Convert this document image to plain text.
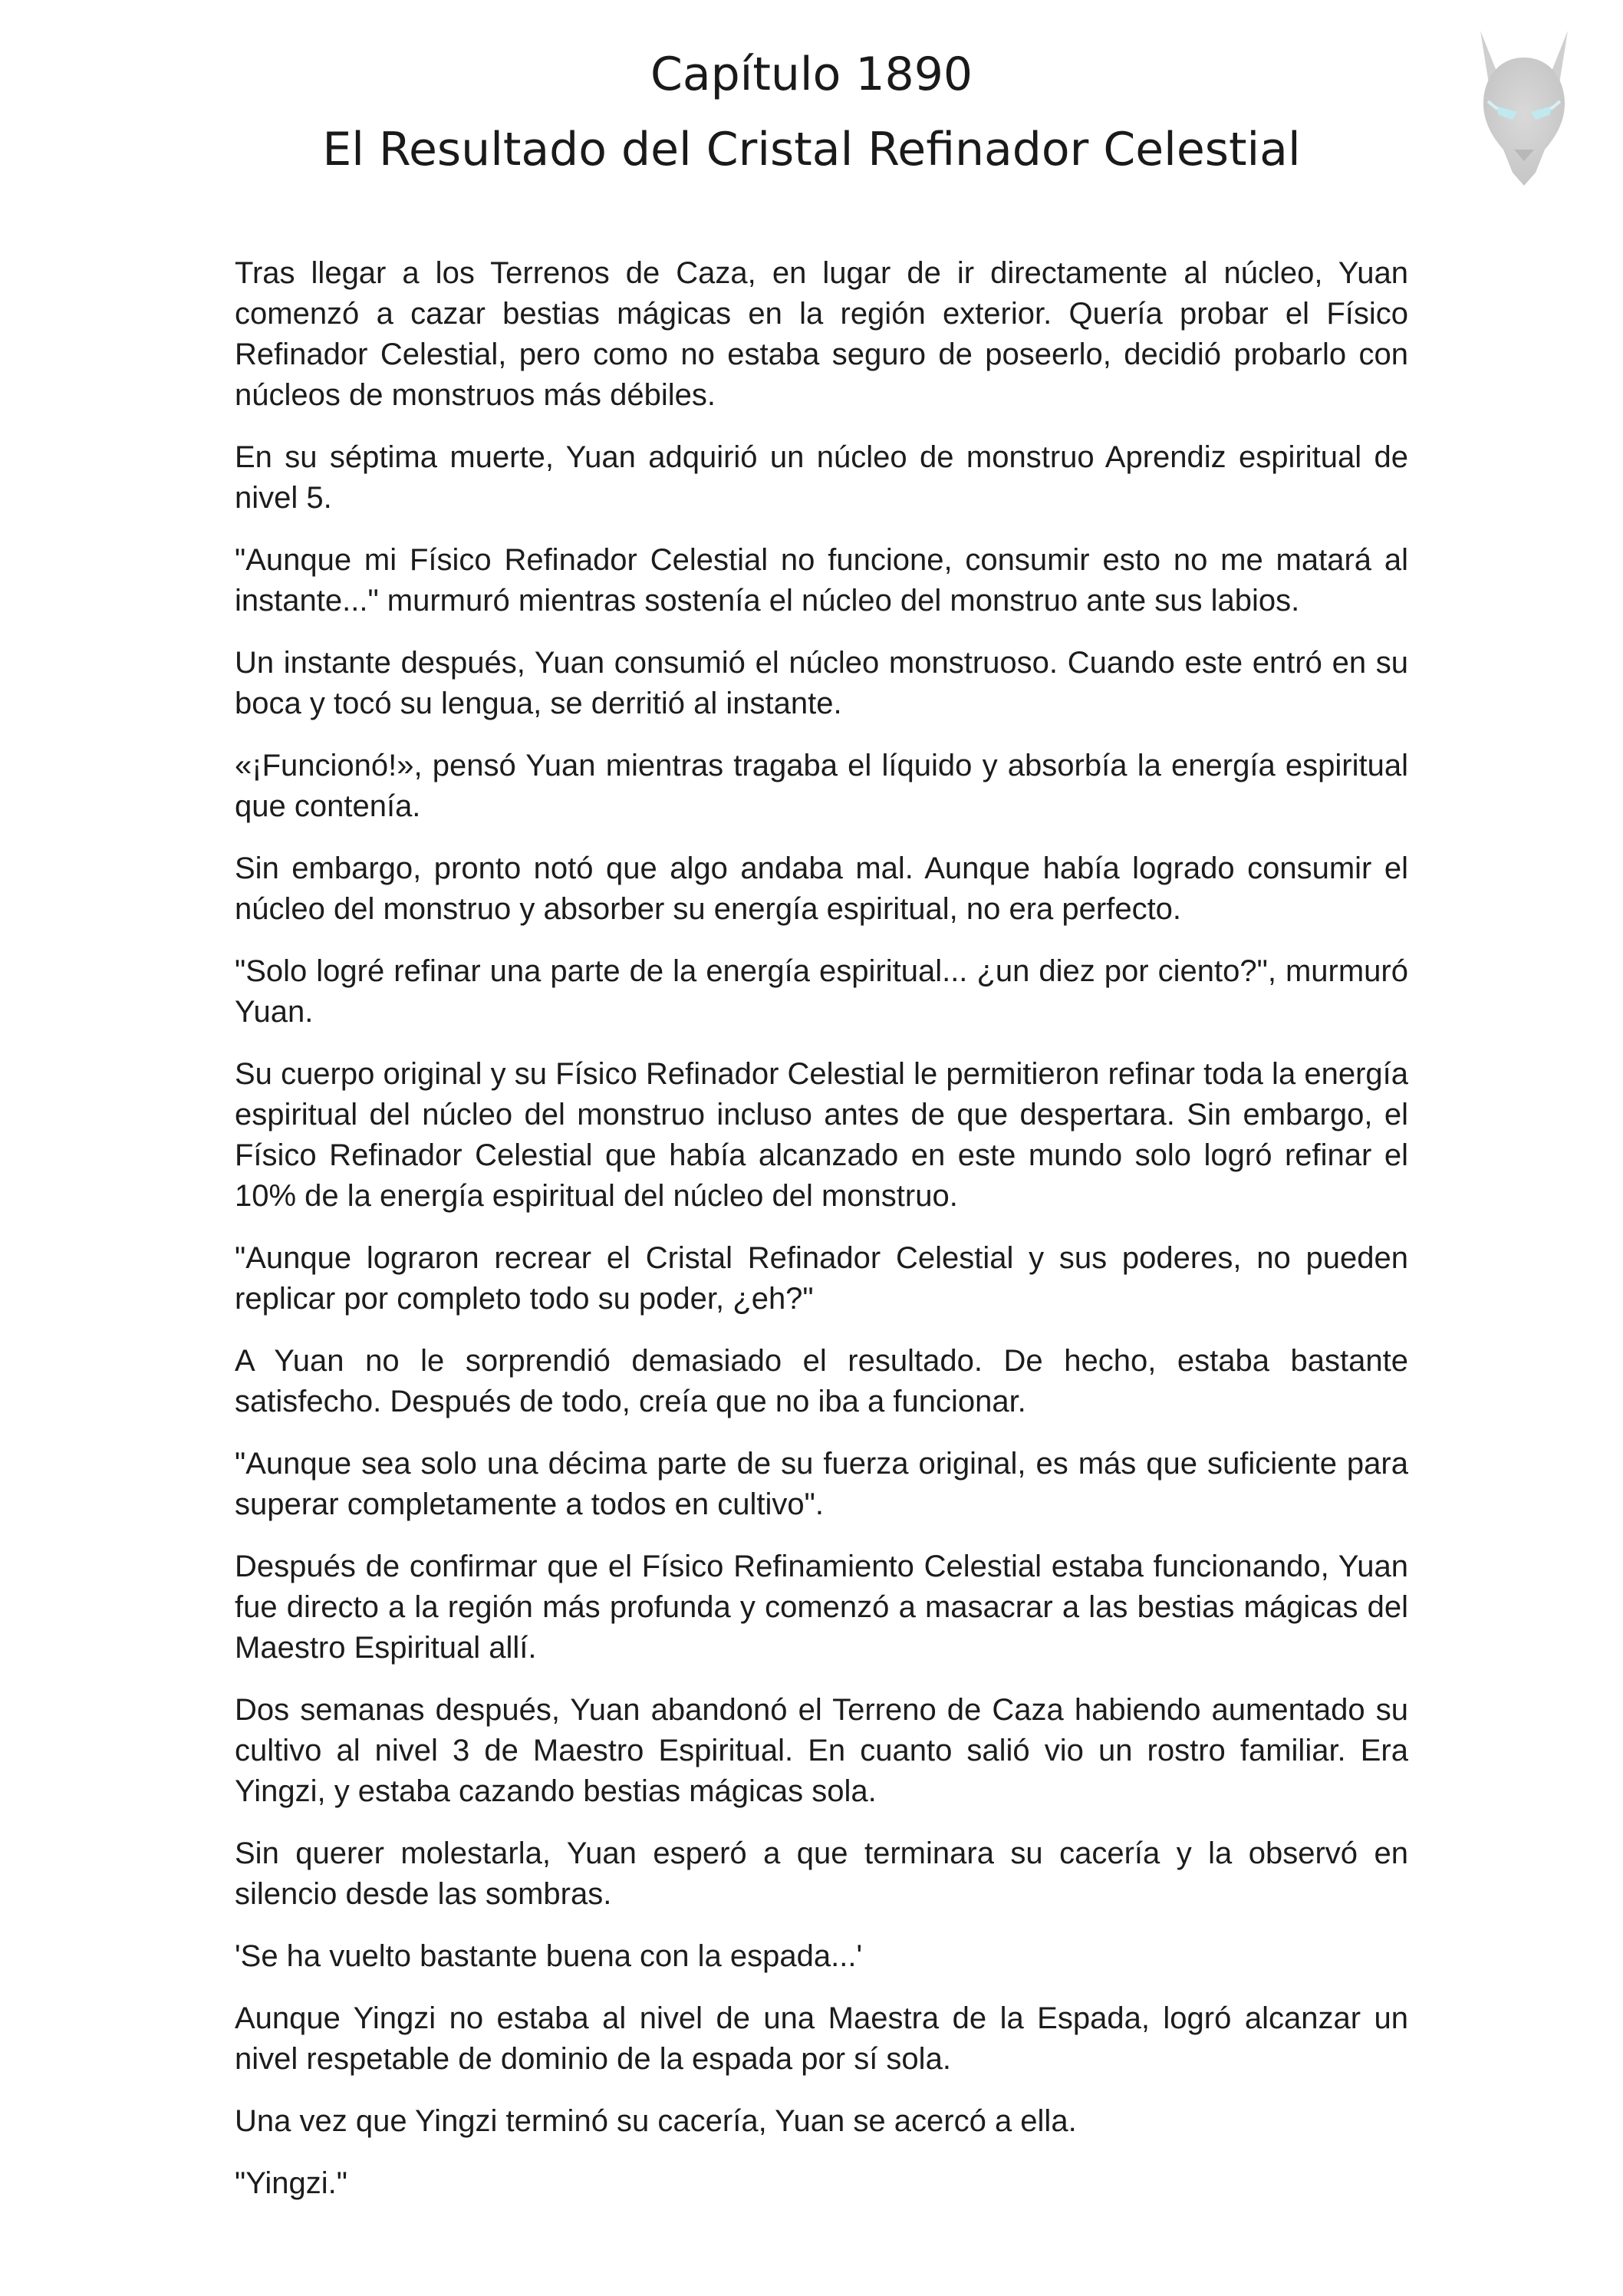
Capítulo 1890
El Resultado del Cristal Refinador Celestial

Tras llegar a los Terrenos de Caza, en lugar de ir directamente al núcleo, Yuan comenzó a cazar bestias mágicas en la región exterior. Quería probar el Físico Refinador Celestial, pero como no estaba seguro de poseerlo, decidió probarlo con núcleos de monstruos más débiles.

En su séptima muerte, Yuan adquirió un núcleo de monstruo Aprendiz espiritual de nivel 5.

"Aunque mi Físico Refinador Celestial no funcione, consumir esto no me matará al instante..." murmuró mientras sostenía el núcleo del monstruo ante sus labios.

Un instante después, Yuan consumió el núcleo monstruoso. Cuando este entró en su boca y tocó su lengua, se derritió al instante.

«¡Funcionó!», pensó Yuan mientras tragaba el líquido y absorbía la energía espiritual que contenía.

Sin embargo, pronto notó que algo andaba mal. Aunque había logrado consumir el núcleo del monstruo y absorber su energía espiritual, no era perfecto.

"Solo logré refinar una parte de la energía espiritual... ¿un diez por ciento?", murmuró Yuan.

Su cuerpo original y su Físico Refinador Celestial le permitieron refinar toda la energía espiritual del núcleo del monstruo incluso antes de que despertara. Sin embargo, el Físico Refinador Celestial que había alcanzado en este mundo solo logró refinar el 10% de la energía espiritual del núcleo del monstruo.

"Aunque lograron recrear el Cristal Refinador Celestial y sus poderes, no pueden replicar por completo todo su poder, ¿eh?"

A Yuan no le sorprendió demasiado el resultado. De hecho, estaba bastante satisfecho. Después de todo, creía que no iba a funcionar.

"Aunque sea solo una décima parte de su fuerza original, es más que suficiente para superar completamente a todos en cultivo".

Después de confirmar que el Físico Refinamiento Celestial estaba funcionando, Yuan fue directo a la región más profunda y comenzó a masacrar a las bestias mágicas del Maestro Espiritual allí.

Dos semanas después, Yuan abandonó el Terreno de Caza habiendo aumentado su cultivo al nivel 3 de Maestro Espiritual. En cuanto salió vio un rostro familiar. Era Yingzi, y estaba cazando bestias mágicas sola.

Sin querer molestarla, Yuan esperó a que terminara su cacería y la observó en silencio desde las sombras.

'Se ha vuelto bastante buena con la espada...'

Aunque Yingzi no estaba al nivel de una Maestra de la Espada, logró alcanzar un nivel respetable de dominio de la espada por sí sola.

Una vez que Yingzi terminó su cacería, Yuan se acercó a ella.

"Yingzi."
